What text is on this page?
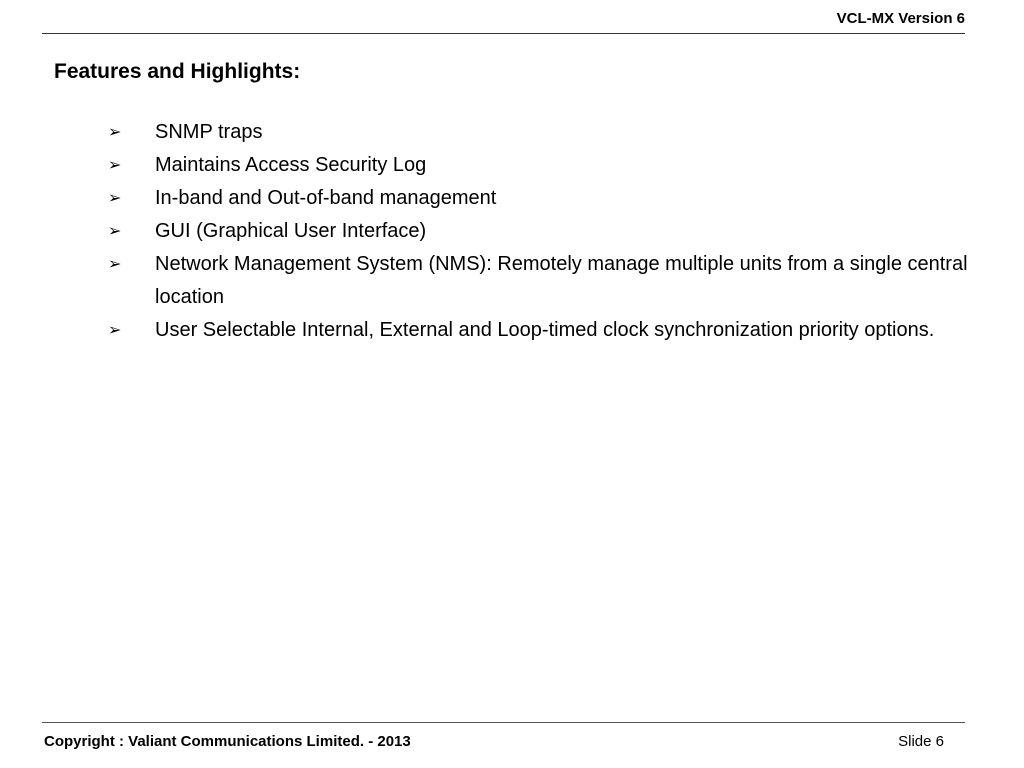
VCL-MX Version 6
Features and Highlights:
➢	SNMP traps
➢	Maintains Access Security Log
➢	In-band and Out-of-band management
➢	GUI (Graphical User Interface)
➢	Network Management System (NMS): Remotely manage multiple units from a single central location
➢	User Selectable Internal, External and Loop-timed clock synchronization priority options.
Copyright : Valiant Communications Limited. - 2013	Slide 6
